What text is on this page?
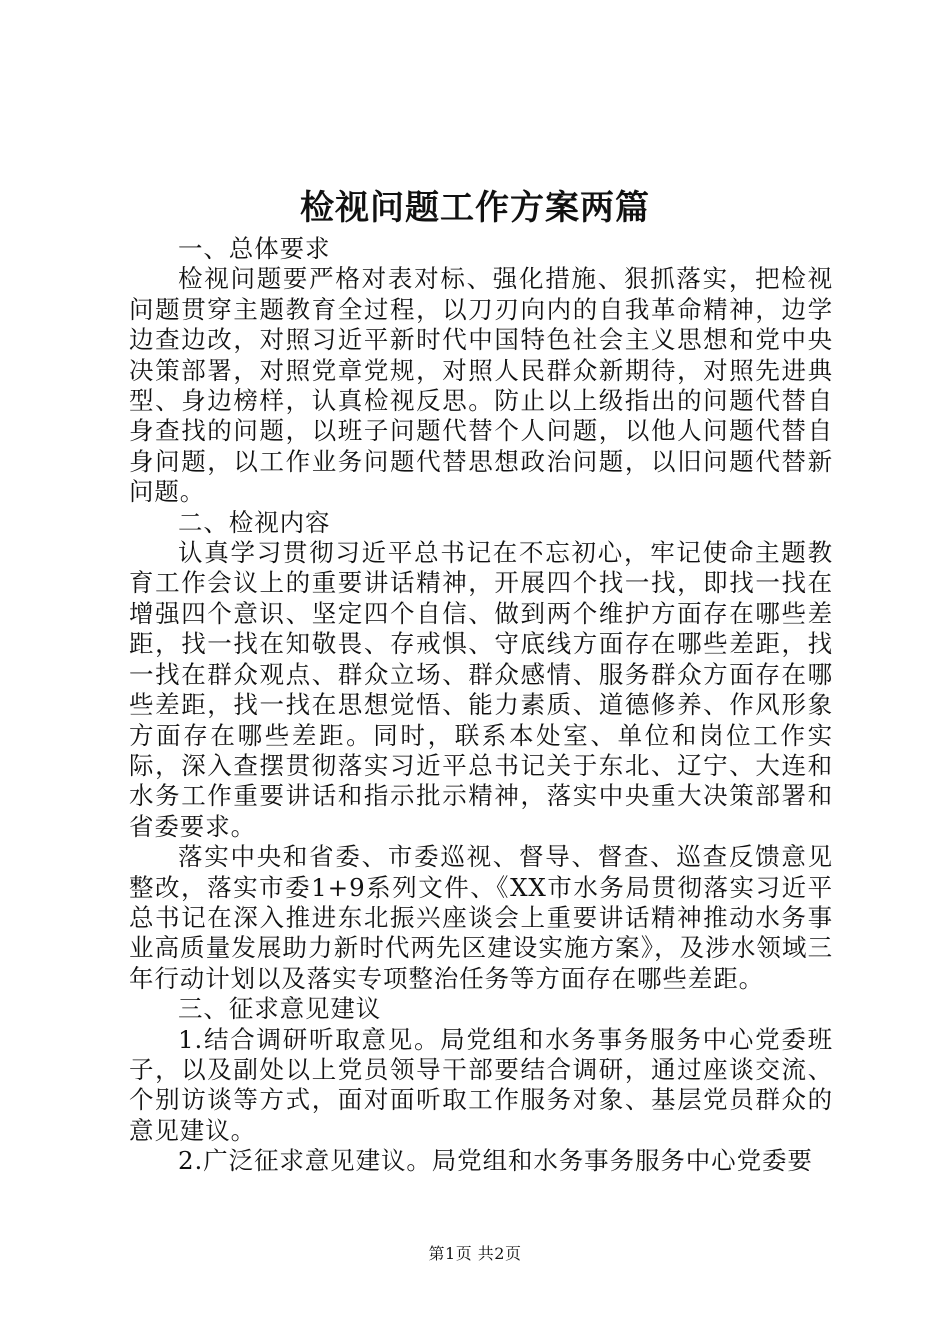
检视问题工作方案两篇

一、总体要求

检视问题要严格对表对标、强化措施、狠抓落实，把检视问题贯穿主题教育全过程，以刀刃向内的自我革命精神，边学边查边改，对照习近平新时代中国特色社会主义思想和党中央决策部署，对照党章党规，对照人民群众新期待，对照先进典型、身边榜样，认真检视反思。防止以上级指出的问题代替自身查找的问题，以班子问题代替个人问题，以他人问题代替自身问题，以工作业务问题代替思想政治问题，以旧问题代替新问题。

二、检视内容

认真学习贯彻习近平总书记在不忘初心，牢记使命主题教育工作会议上的重要讲话精神，开展四个找一找，即找一找在增强四个意识、坚定四个自信、做到两个维护方面存在哪些差距，找一找在知敬畏、存戒惧、守底线方面存在哪些差距，找一找在群众观点、群众立场、群众感情、服务群众方面存在哪些差距，找一找在思想觉悟、能力素质、道德修养、作风形象方面存在哪些差距。同时，联系本处室、单位和岗位工作实际，深入查摆贯彻落实习近平总书记关于东北、辽宁、大连和水务工作重要讲话和指示批示精神，落实中央重大决策部署和省委要求。

落实中央和省委、市委巡视、督导、督查、巡查反馈意见整改，落实市委1+9系列文件、《XX市水务局贯彻落实习近平总书记在深入推进东北振兴座谈会上重要讲话精神推动水务事业高质量发展助力新时代两先区建设实施方案》，及涉水领域三年行动计划以及落实专项整治任务等方面存在哪些差距。

三、征求意见建议

1.结合调研听取意见。局党组和水务事务服务中心党委班子，以及副处以上党员领导干部要结合调研，通过座谈交流、个别访谈等方式，面对面听取工作服务对象、基层党员群众的意见建议。

2.广泛征求意见建议。局党组和水务事务服务中心党委要

第1页 共2页
